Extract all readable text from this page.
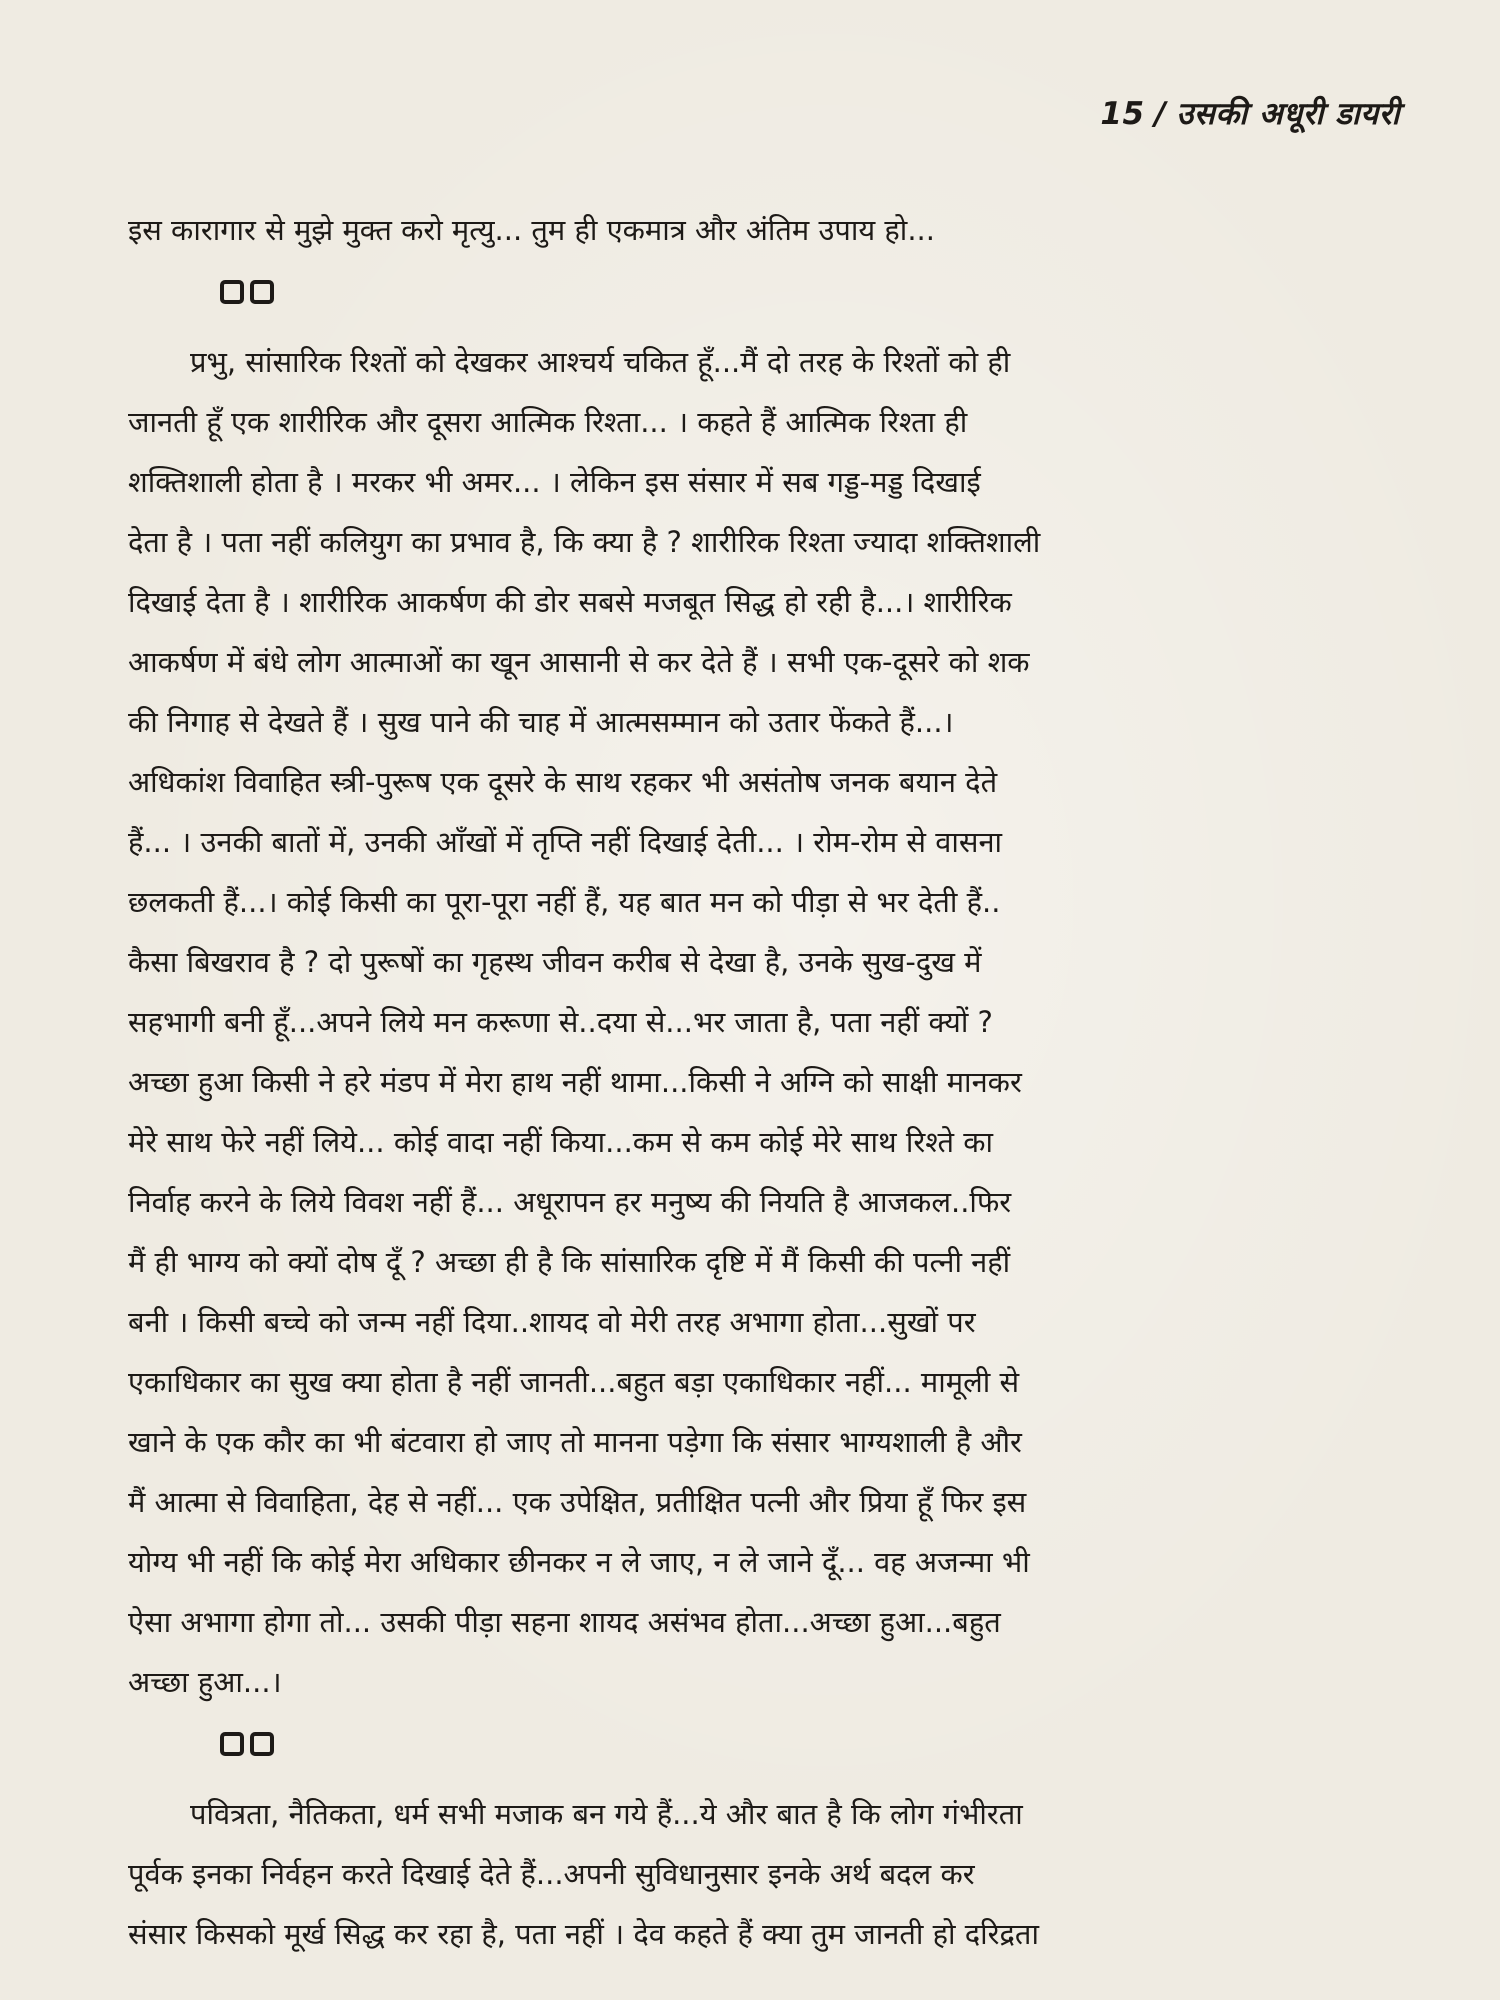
15 / उसकी अधूरी डायरी
इस कारागार से मुझे मुक्त करो मृत्यु... तुम ही एकमात्र और अंतिम उपाय हो...
प्रभु, सांसारिक रिश्तों को देखकर आश्चर्य चकित हूँ...मैं दो तरह के रिश्तों को ही
जानती हूँ एक शारीरिक और दूसरा आत्मिक रिश्ता... । कहते हैं आत्मिक रिश्ता ही
शक्तिशाली होता है । मरकर भी अमर... । लेकिन इस संसार में सब गड्ड-मड्ड दिखाई
देता है । पता नहीं कलियुग का प्रभाव है, कि क्या है ? शारीरिक रिश्ता ज्यादा शक्तिशाली
दिखाई देता है । शारीरिक आकर्षण की डोर सबसे मजबूत सिद्ध हो रही है...। शारीरिक
आकर्षण में बंधे लोग आत्माओं का खून आसानी से कर देते हैं । सभी एक-दूसरे को शक
की निगाह से देखते हैं । सुख पाने की चाह में आत्मसम्मान को उतार फेंकते हैं...।
अधिकांश विवाहित स्त्री-पुरूष एक दूसरे के साथ रहकर भी असंतोष जनक बयान देते
हैं... । उनकी बातों में, उनकी आँखों में तृप्ति नहीं दिखाई देती... । रोम-रोम से वासना
छलकती हैं...। कोई किसी का पूरा-पूरा नहीं हैं, यह बात मन को पीड़ा से भर देती हैं..
कैसा बिखराव है ? दो पुरूषों का गृहस्थ जीवन करीब से देखा है, उनके सुख-दुख में
सहभागी बनी हूँ...अपने लिये मन करूणा से..दया से...भर जाता है, पता नहीं क्यों ?
अच्छा हुआ किसी ने हरे मंडप में मेरा हाथ नहीं थामा...किसी ने अग्नि को साक्षी मानकर
मेरे साथ फेरे नहीं लिये... कोई वादा नहीं किया...कम से कम कोई मेरे साथ रिश्ते का
निर्वाह करने के लिये विवश नहीं हैं... अधूरापन हर मनुष्य की नियति है आजकल..फिर
मैं ही भाग्य को क्यों दोष दूँ ? अच्छा ही है कि सांसारिक दृष्टि में मैं किसी की पत्नी नहीं
बनी । किसी बच्चे को जन्म नहीं दिया..शायद वो मेरी तरह अभागा होता...सुखों पर
एकाधिकार का सुख क्या होता है नहीं जानती...बहुत बड़ा एकाधिकार नहीं... मामूली से
खाने के एक कौर का भी बंटवारा हो जाए तो मानना पड़ेगा कि संसार भाग्यशाली है और
मैं आत्मा से विवाहिता, देह से नहीं... एक उपेक्षित, प्रतीक्षित पत्नी और प्रिया हूँ फिर इस
योग्य भी नहीं कि कोई मेरा अधिकार छीनकर न ले जाए, न ले जाने दूँ... वह अजन्मा भी
ऐसा अभागा होगा तो... उसकी पीड़ा सहना शायद असंभव होता...अच्छा हुआ...बहुत
अच्छा हुआ...।
पवित्रता, नैतिकता, धर्म सभी मजाक बन गये हैं...ये और बात है कि लोग गंभीरता
पूर्वक इनका निर्वहन करते दिखाई देते हैं...अपनी सुविधानुसार इनके अर्थ बदल कर
संसार किसको मूर्ख सिद्ध कर रहा है, पता नहीं । देव कहते हैं क्या तुम जानती हो दरिद्रता
